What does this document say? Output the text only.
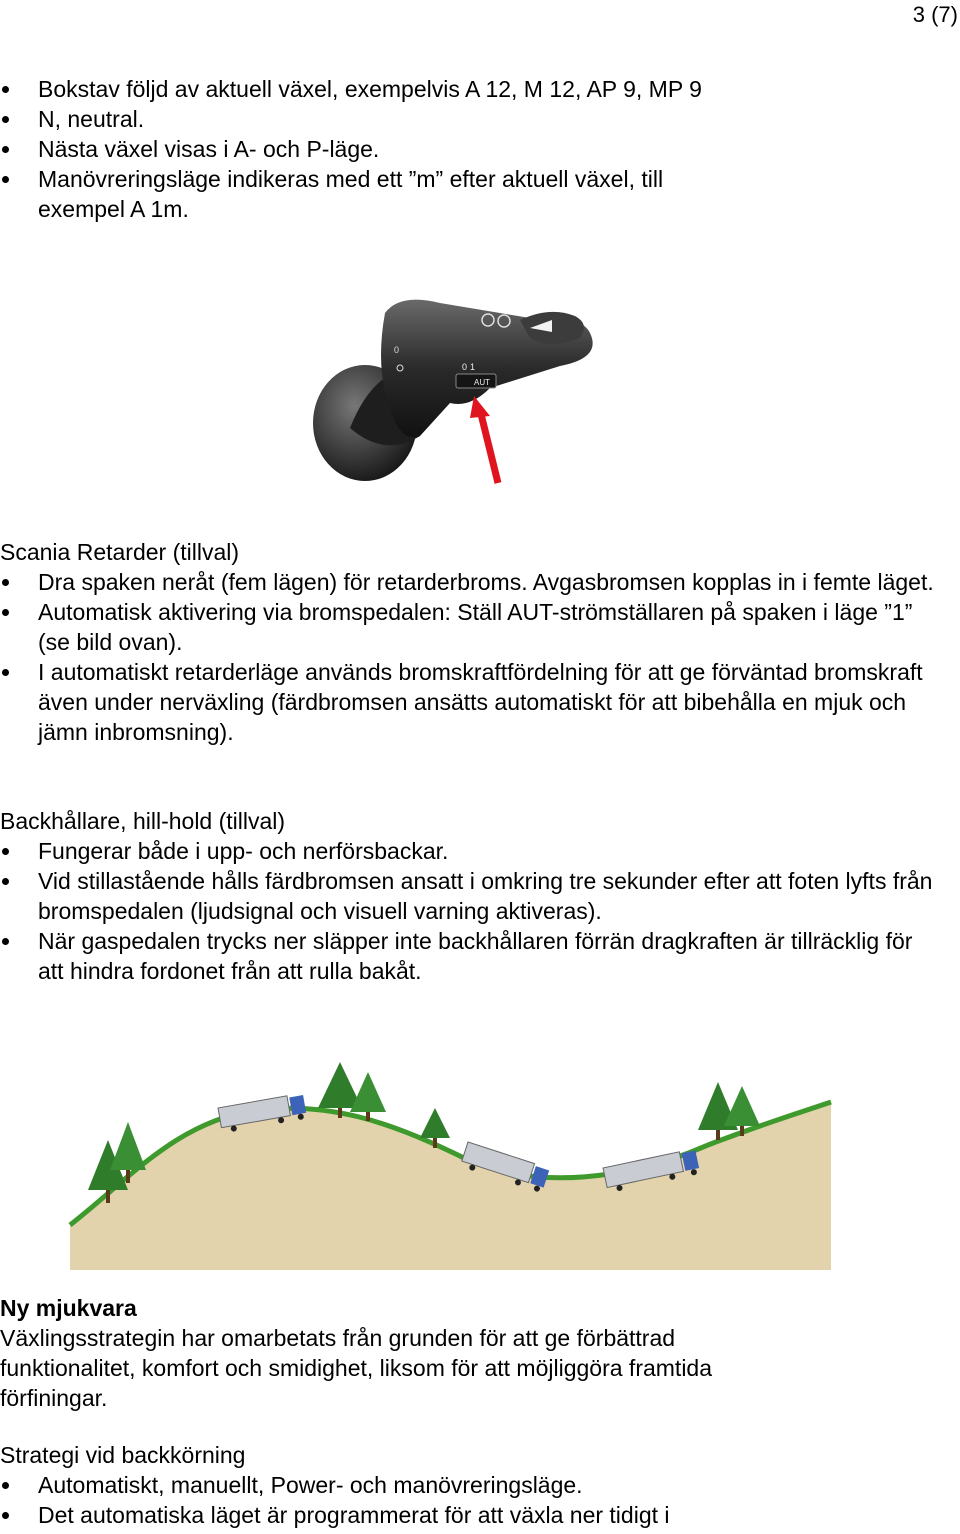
3 (7)
Bokstav följd av aktuell växel, exempelvis A 12, M 12, AP 9, MP 9
N, neutral.
Nästa växel visas i A- och P-läge.
Manövreringsläge indikeras med ett ”m” efter aktuell växel, till exempel A 1m.
0
0 1
AUT

Scania Retarder (tillval)

Dra spaken neråt (fem lägen) för retarderbroms. Avgasbromsen kopplas in i femte läget.
Automatisk aktivering via bromspedalen: Ställ AUT-strömställaren på spaken i läge ”1” (se bild ovan).
I automatiskt retarderläge används bromskraftfördelning för att ge förväntad bromskraft även under nerväxling (färdbromsen ansätts automatiskt för att bibehålla en mjuk och jämn inbromsning).

Backhållare, hill-hold (tillval)

Fungerar både i upp- och nerförsbackar.
Vid stillastående hålls färdbromsen ansatt i omkring tre sekunder efter att foten lyfts från bromspedalen (ljudsignal och visuell varning aktiveras).
När gaspedalen trycks ner släpper inte backhållaren förrän dragkraften är tillräcklig för att hindra fordonet från att rulla bakåt.

Ny mjukvara

Växlingsstrategin har omarbetats från grunden för att ge förbättrad funktionalitet, komfort och smidighet, liksom för att möjliggöra framtida förfiningar.

Strategi vid backkörning

Automatiskt, manuellt, Power- och manövreringsläge.
Det automatiska läget är programmerat för att växla ner tidigt i
